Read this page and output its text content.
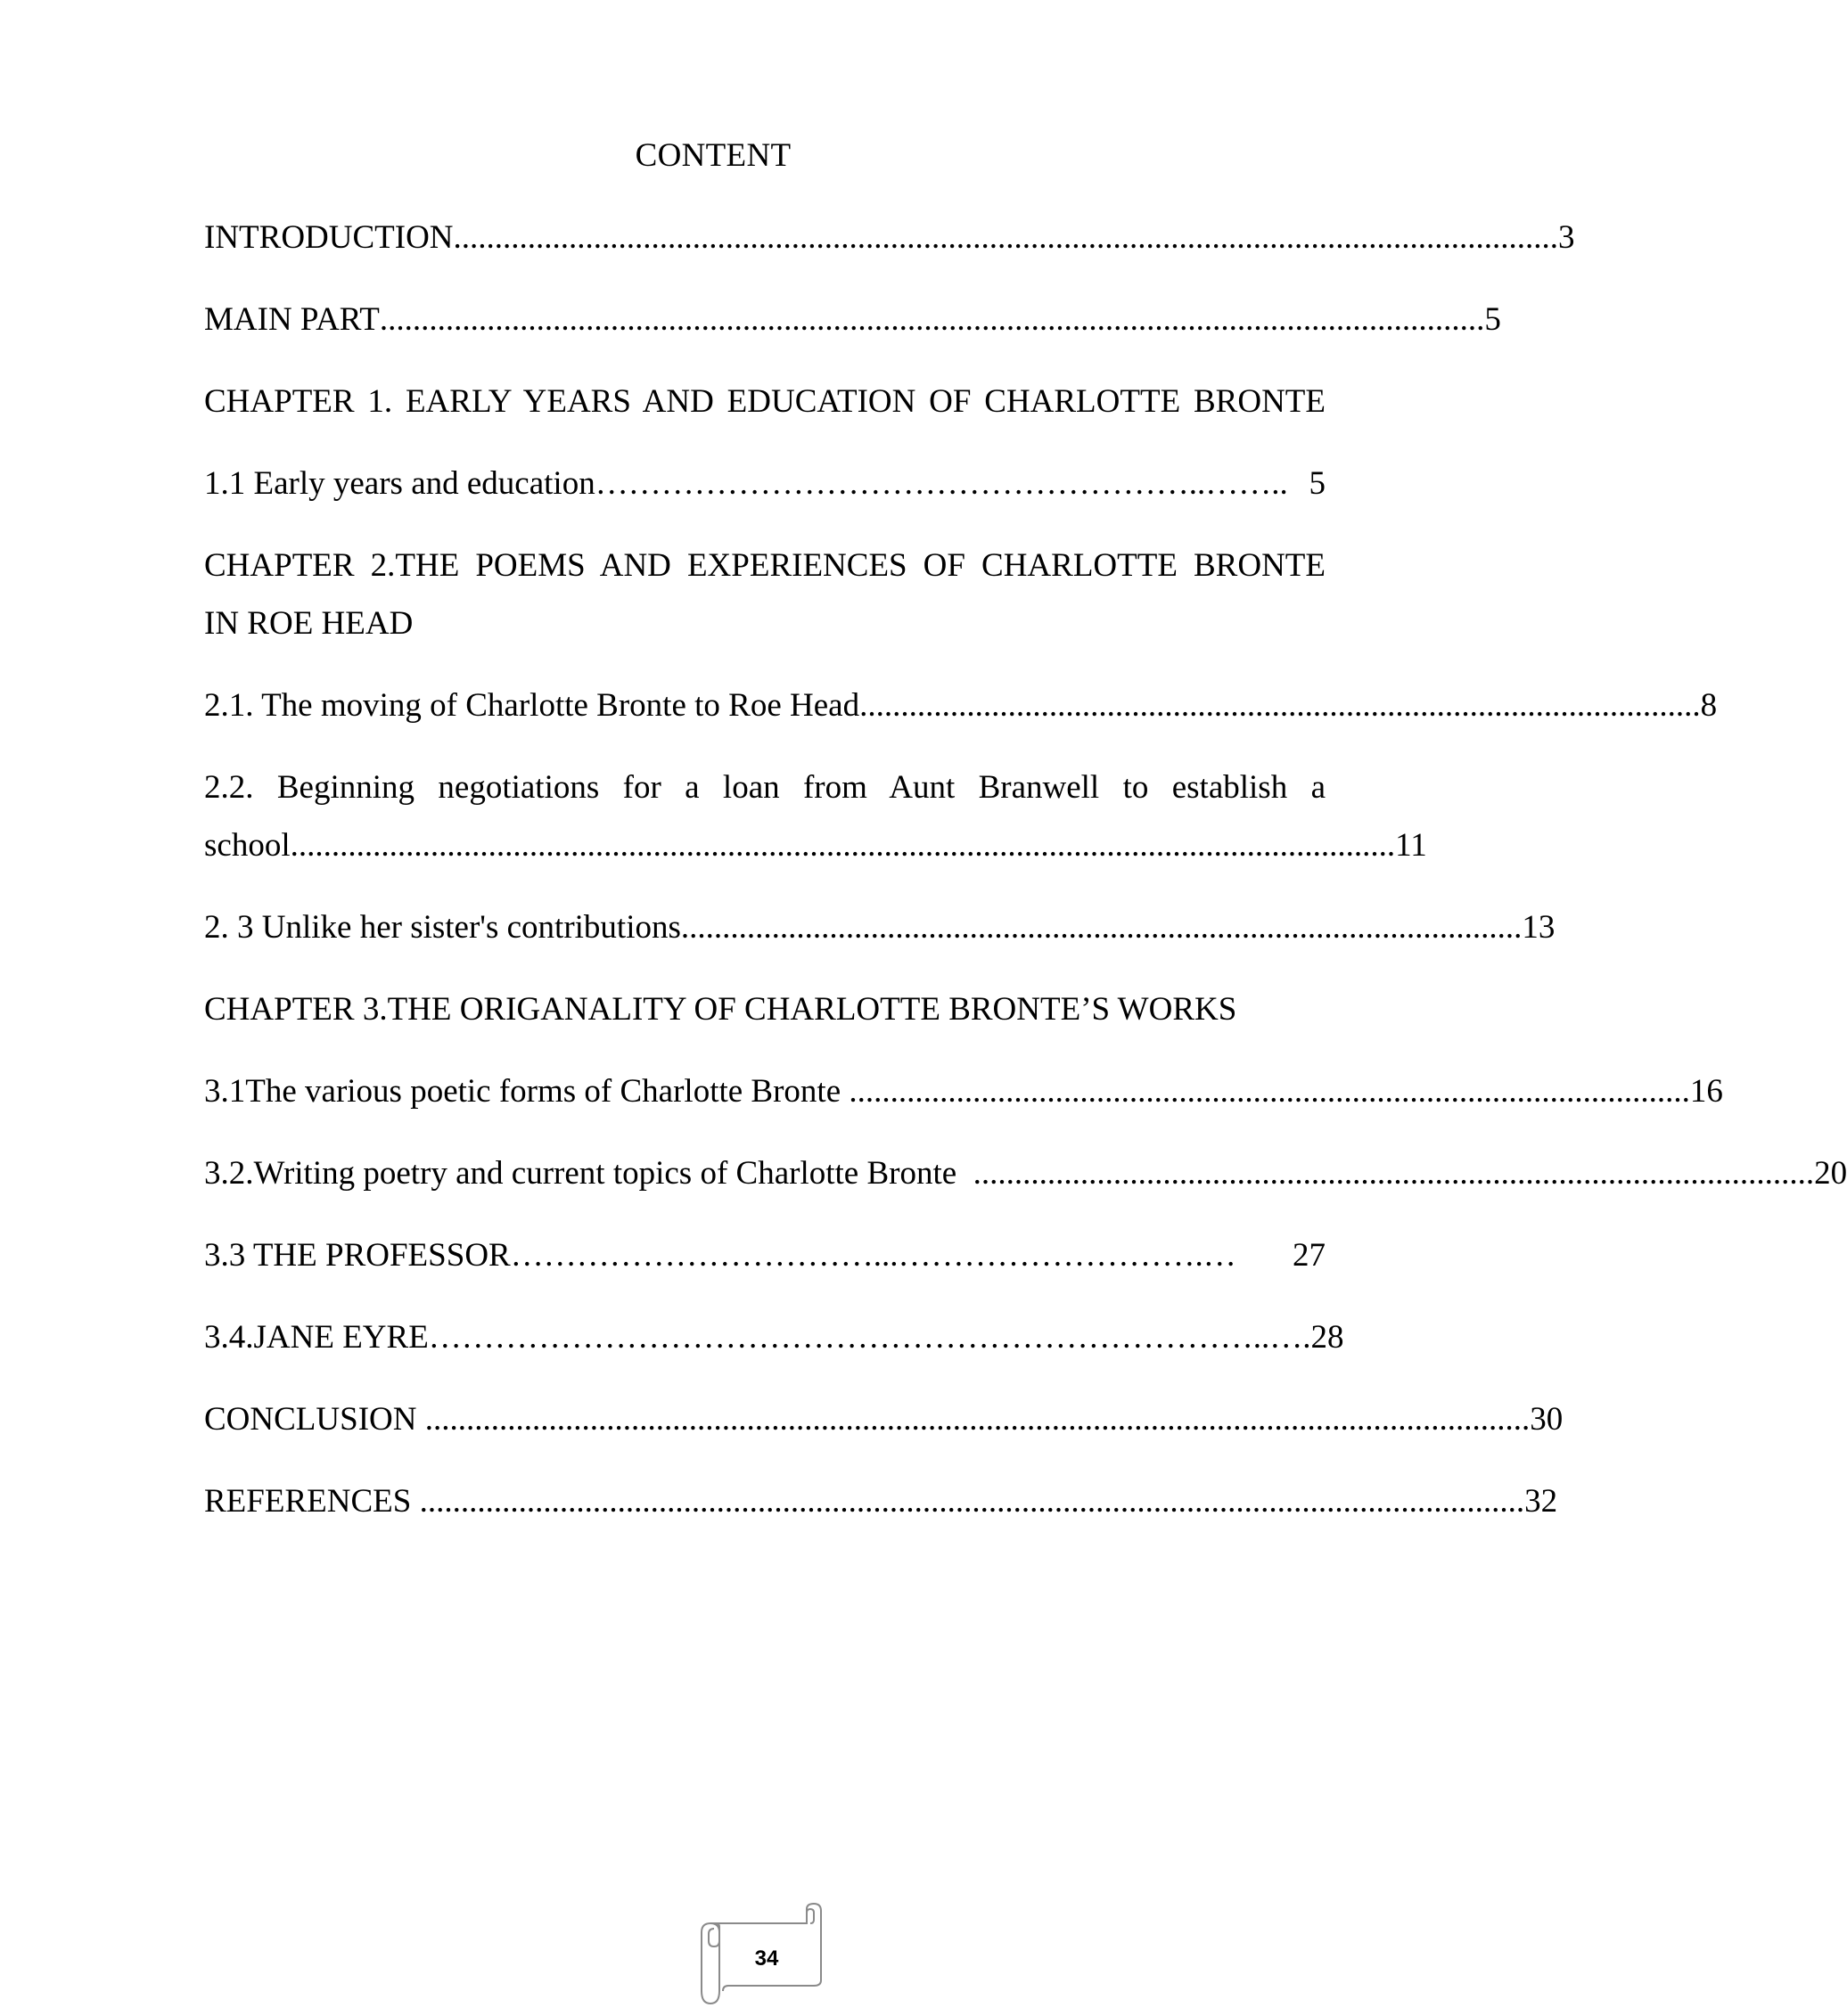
CONTENT
INTRODUCTION ...................................................................................................................................... 3
MAIN PART ...................................................................................................................................... 5
CHAPTER 1. EARLY YEARS AND EDUCATION OF CHARLOTTE BRONTE
1.1 Early years and education ………………………………………………..…….. 5
CHAPTER 2.THE POEMS AND EXPERIENCES OF CHARLOTTE BRONTE
IN ROE HEAD
2.1. The moving of Charlotte Bronte to Roe Head ...................................................................................................... 8
2.2. Beginning negotiations for a loan from Aunt Branwell to establish a
school ...................................................................................................................................... 11
2. 3 Unlike her sister's contributions ...................................................................................................... 13
CHAPTER 3.THE ORIGANALITY OF CHARLOTTE BRONTE’S WORKS
3.1The various poetic forms of Charlotte Bronte ...................................................................................................... 16
3.2.Writing poetry and current topics of Charlotte Bronte ...................................................................................................... 20
3.3 THE PROFESSOR ……………………………...……………………….…	27
3.4.JANE EYRE …………………………………………………………………..…. 28
CONCLUSION ...................................................................................................................................... 30
REFERENCES ...................................................................................................................................... 32
34
